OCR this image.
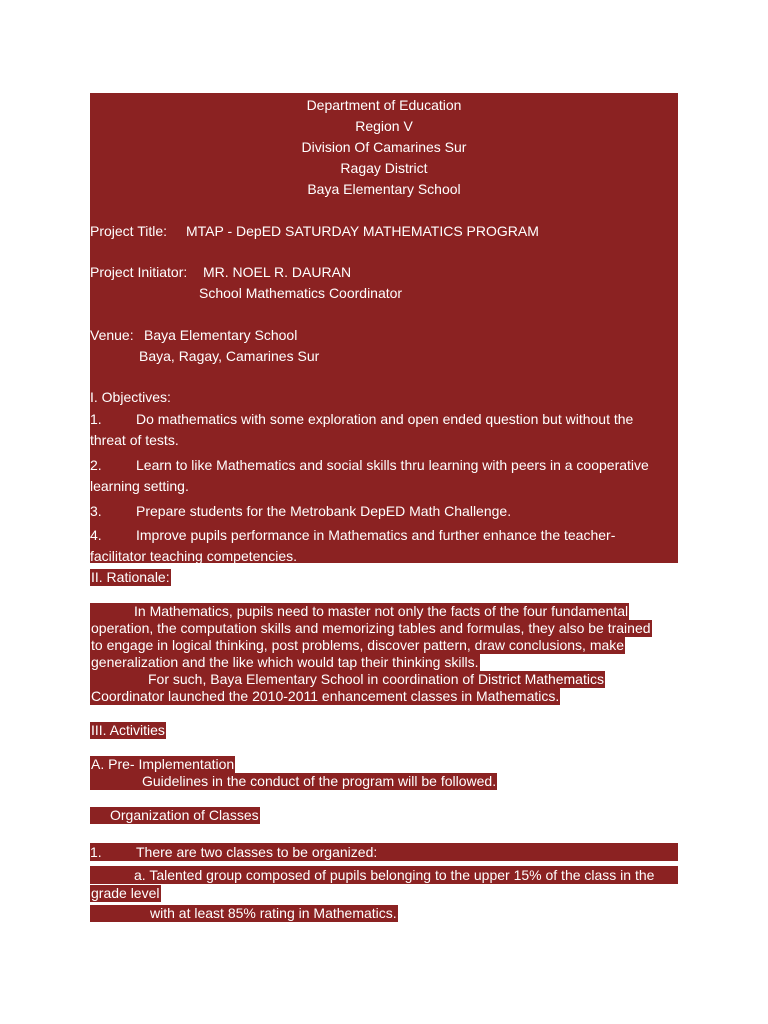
Department of Education
Region V
Division Of Camarines Sur
Ragay District
Baya Elementary School
Project Title: MTAP - DepED SATURDAY MATHEMATICS PROGRAM
Project Initiator: MR. NOEL R. DAURAN
School Mathematics Coordinator
Venue: Baya Elementary School
Baya, Ragay, Camarines Sur
I. Objectives:
1. Do mathematics with some exploration and open ended question but without the
threat of tests.
2. Learn to like Mathematics and social skills thru learning with peers in a cooperative
learning setting.
3. Prepare students for the Metrobank DepED Math Challenge.
4. Improve pupils performance in Mathematics and further enhance the teacher-
facilitator teaching competencies.
II. Rationale:
In Mathematics, pupils need to master not only the facts of the four fundamental
operation, the computation skills and memorizing tables and formulas, they also be trained
to engage in logical thinking, post problems, discover pattern, draw conclusions, make
generalization and the like which would tap their thinking skills.
For such, Baya Elementary School in coordination of District Mathematics
Coordinator launched the 2010-2011 enhancement classes in Mathematics.
III. Activities
A. Pre- Implementation
Guidelines in the conduct of the program will be followed.
Organization of Classes
1. There are two classes to be organized:
a. Talented group composed of pupils belonging to the upper 15% of the class in the
grade level
with at least 85% rating in Mathematics.
